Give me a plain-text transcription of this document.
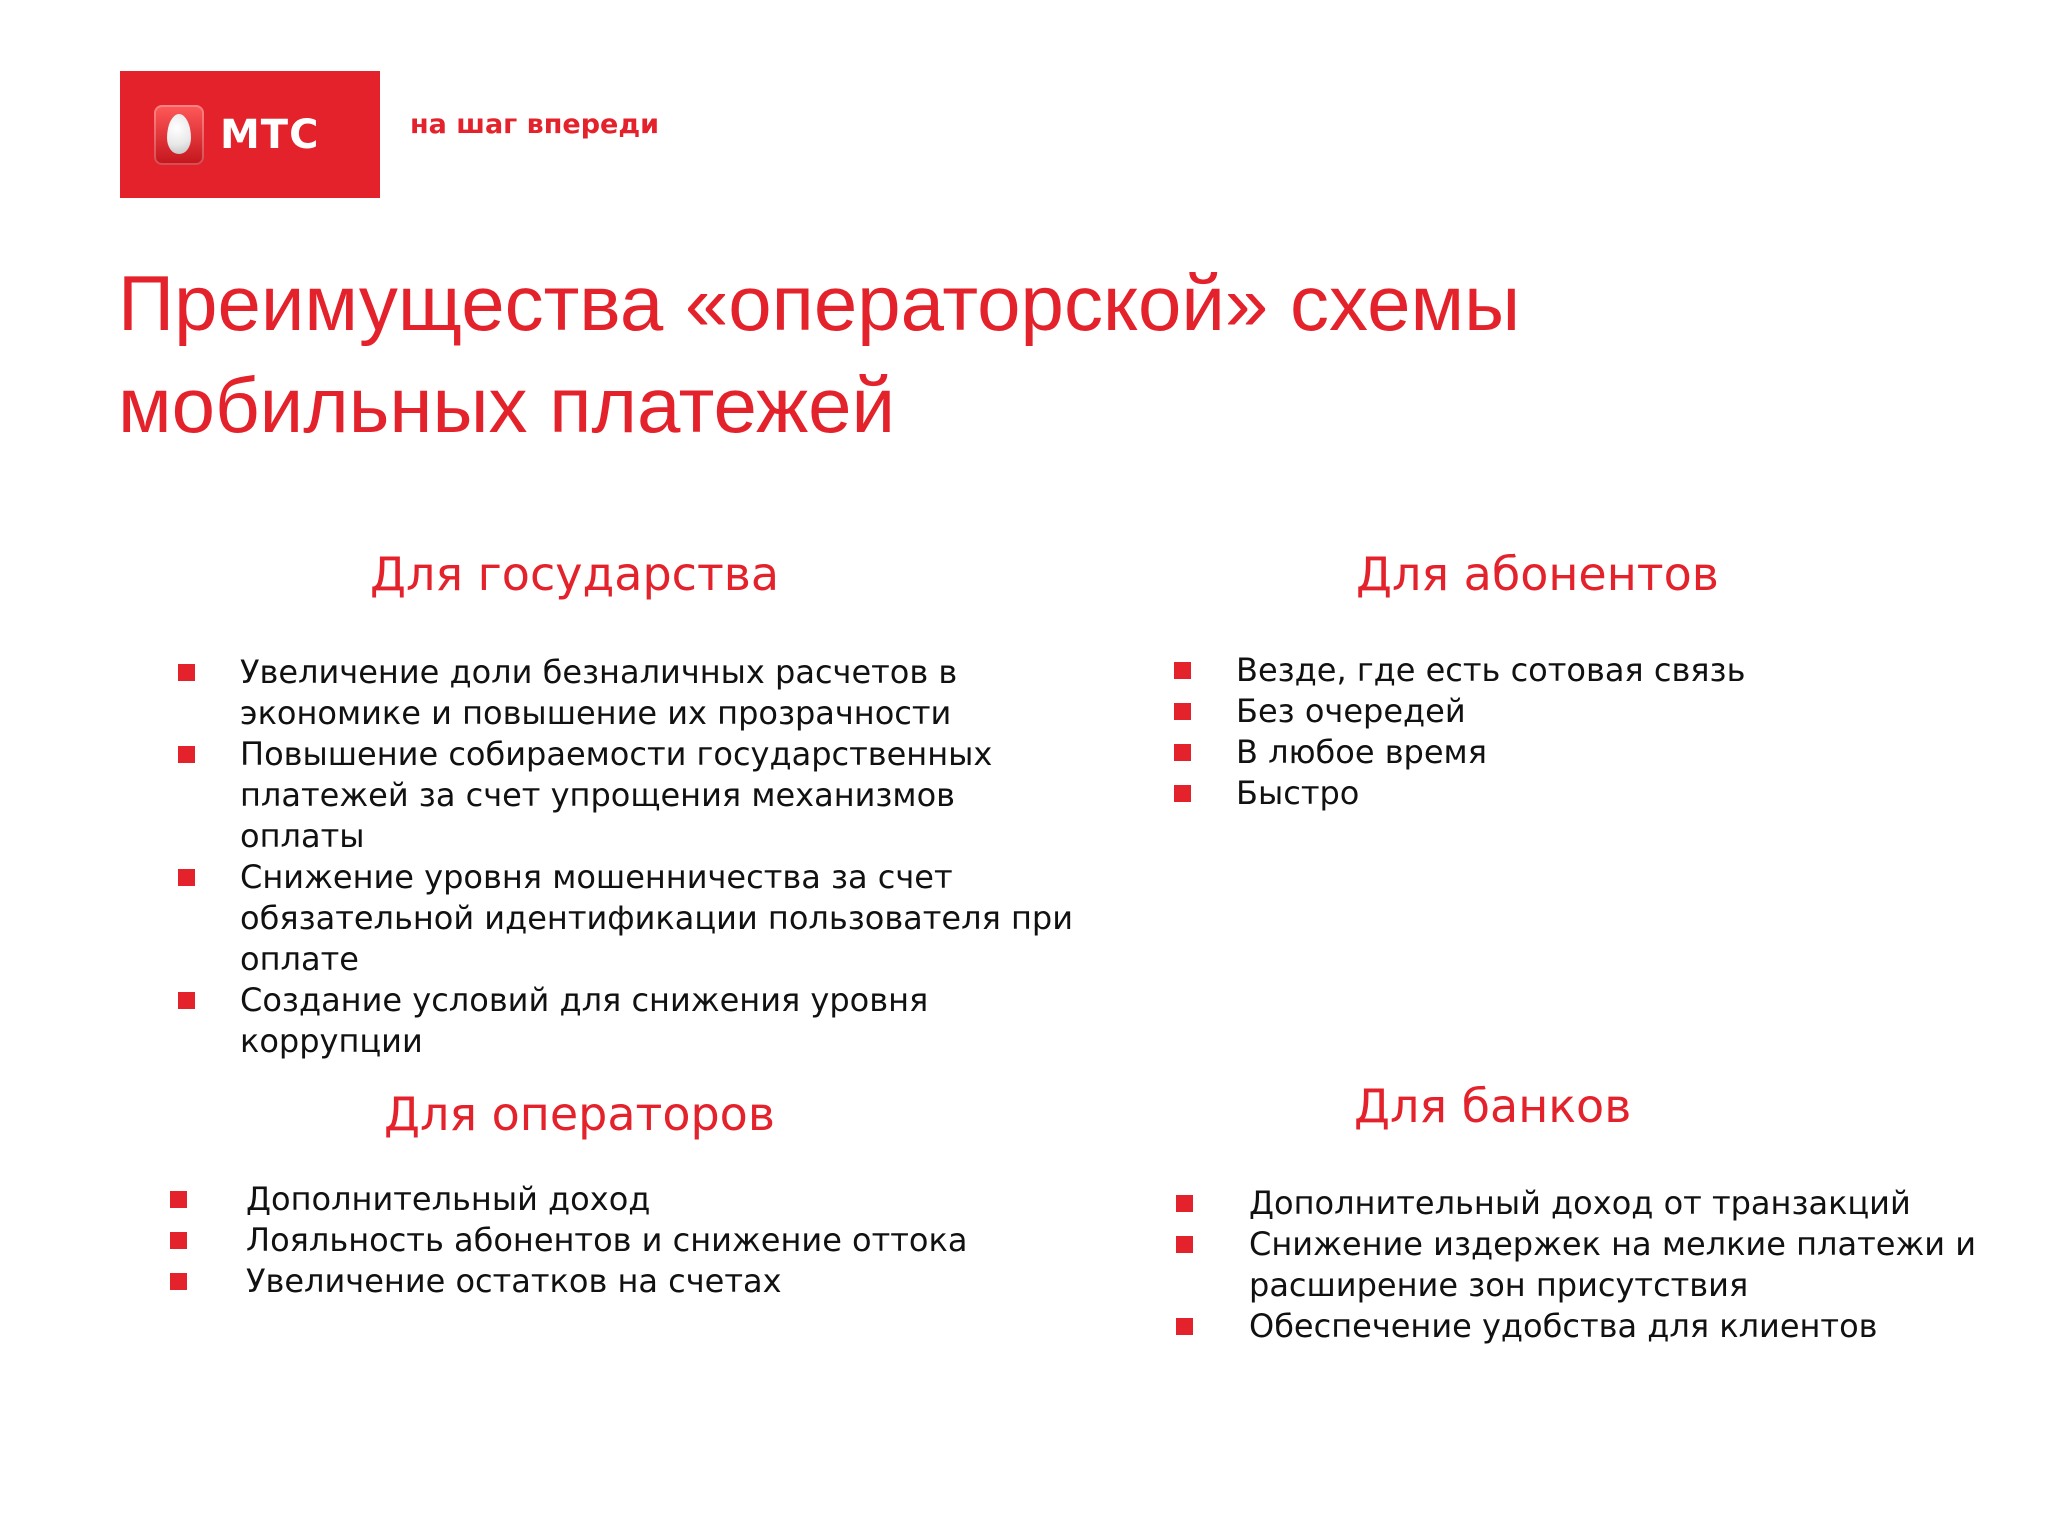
МТС	на шаг впереди
Преимущества «операторской» схемы мобильных платежей
Для государства
Увеличение доли безналичных расчетов в экономике и повышение их прозрачности
Повышение собираемости государственных платежей за счет упрощения механизмов оплаты
Снижение уровня мошенничества за счет обязательной идентификации пользователя при оплате
Создание условий для снижения уровня коррупции
Для абонентов
Везде, где есть сотовая связь
Без очередей
В любое время
Быстро
Для операторов
Дополнительный доход
Лояльность абонентов и снижение оттока
Увеличение остатков на счетах
Для банков
Дополнительный доход от транзакций
Снижение издержек на мелкие платежи и расширение зон присутствия
Обеспечение удобства для клиентов
